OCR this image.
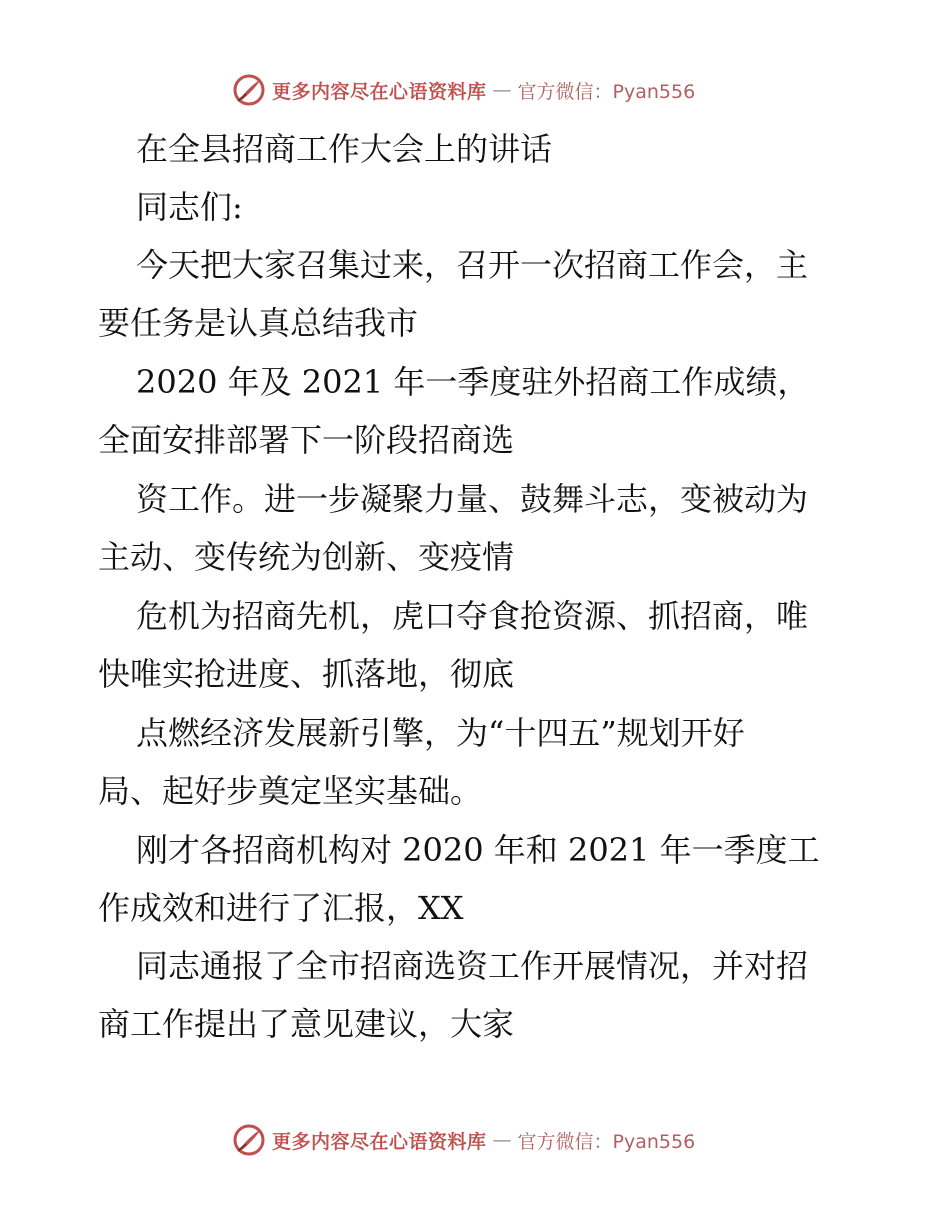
更多内容尽在心语资料库 — 官方微信：Pyan556
在全县招商工作大会上的讲话
同志们:
今天把大家召集过来，召开一次招商工作会，主
要任务是认真总结我市
2020 年及 2021 年一季度驻外招商工作成绩，
全面安排部署下一阶段招商选
资工作。进一步凝聚力量、鼓舞斗志，变被动为
主动、变传统为创新、变疫情
危机为招商先机，虎口夺食抢资源、抓招商，唯
快唯实抢进度、抓落地，彻底
点燃经济发展新引擎，为“十四五”规划开好
局、起好步奠定坚实基础。
刚才各招商机构对 2020 年和 2021 年一季度工
作成效和进行了汇报，XX
同志通报了全市招商选资工作开展情况，并对招
商工作提出了意见建议，大家
更多内容尽在心语资料库 — 官方微信：Pyan556
